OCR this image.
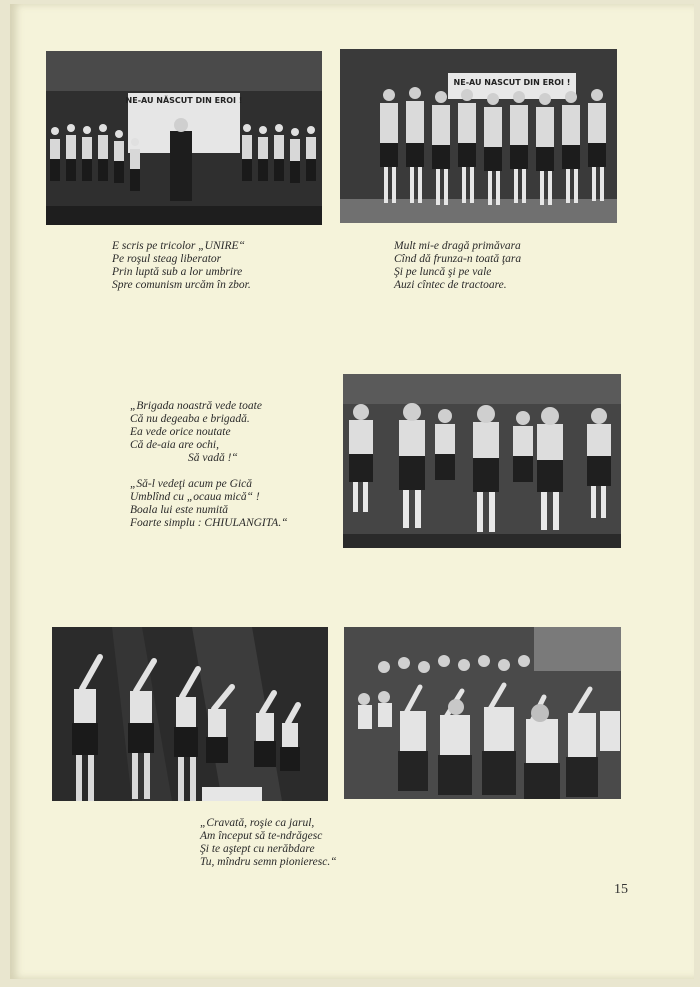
NE-AU NĂSCUT DIN EROI !
NE-AU NASCUT DIN EROI !
E scris pe tricolor „UNIRE“
Pe roşul steag liberator
Prin luptă sub a lor umbrire
Spre comunism urcăm în zbor.
Mult mi-e dragă primăvara
Cînd dă frunza-n toată ţara
Şi pe luncă şi pe vale
Auzi cîntec de tractoare.
„Brigada noastră vede toate
Că nu degeaba e brigadă.
Ea vede orice noutate
Că de-aia are ochi,
Să vadă !“
„Să-l vedeţi acum pe Gică
Umblînd cu „ocaua mică“ !
Boala lui este numită
Foarte simplu : CHIULANGITA.“
„Cravată, roşie ca jarul,
Am început să te-ndrăgesc
Şi te aştept cu nerăbdare
Tu, mîndru semn pionieresc.“
15
